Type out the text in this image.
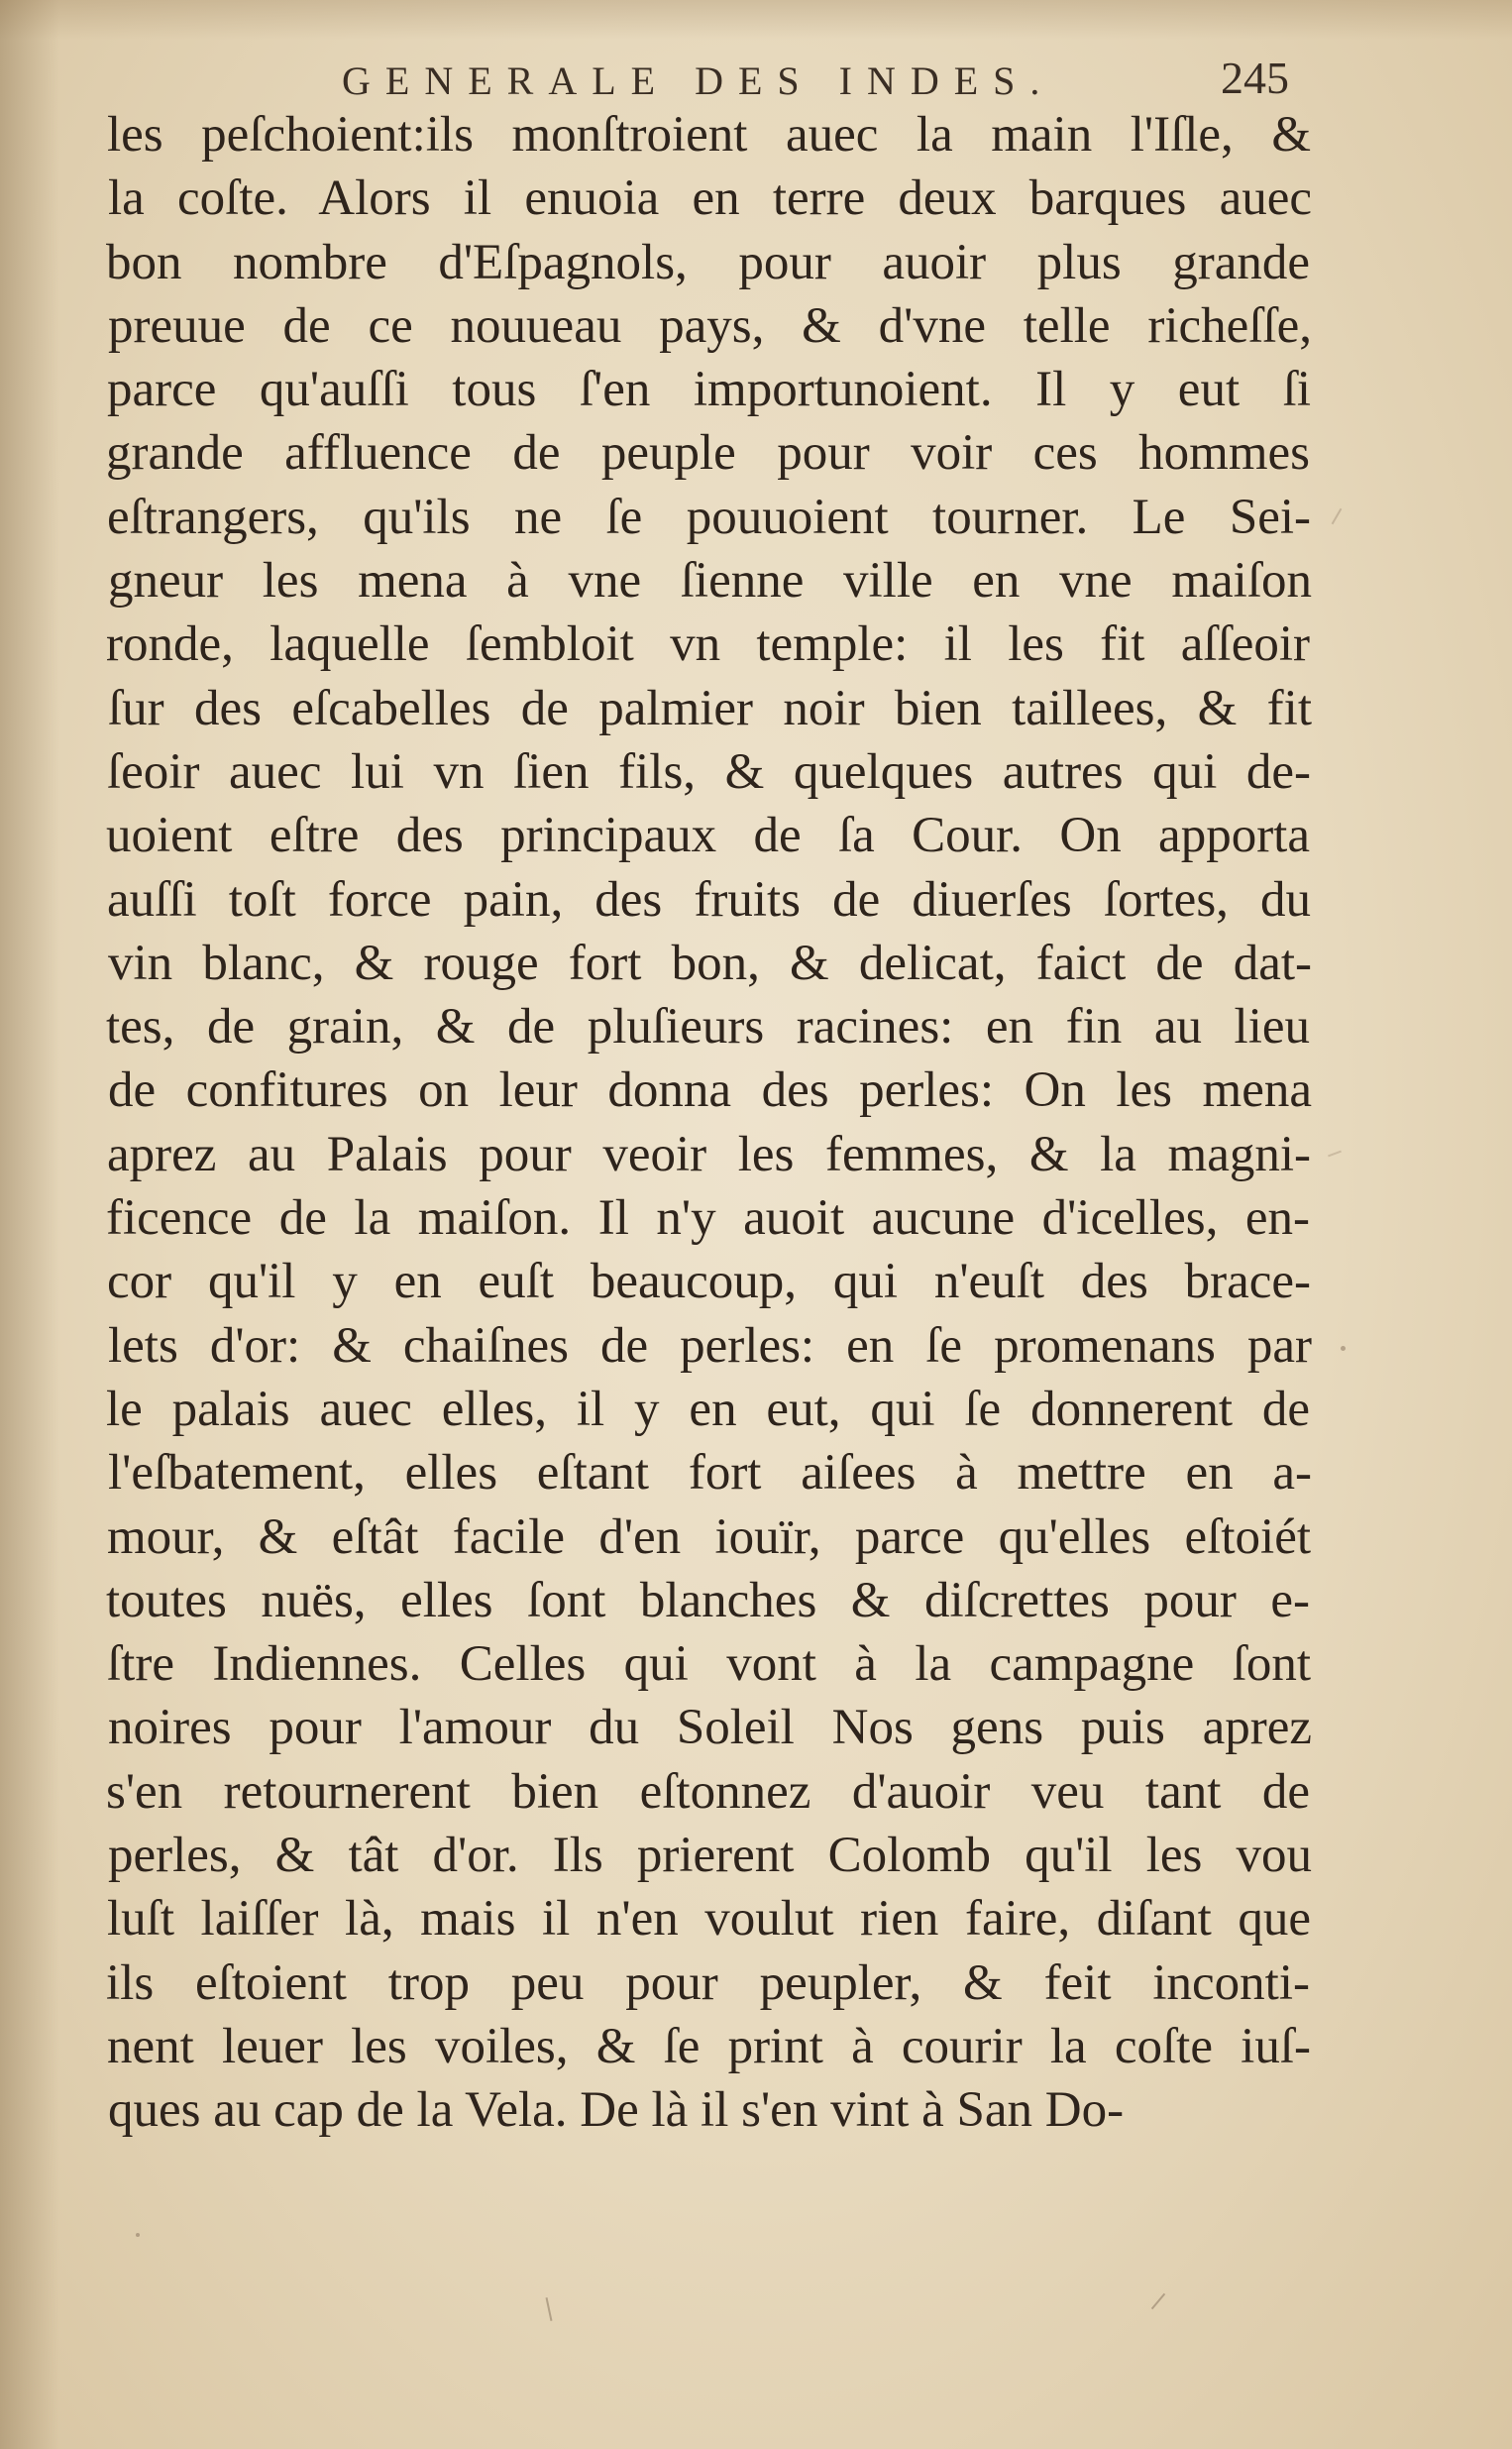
GENERALE DES INDES.	245
les peſchoient:ils monſtroient auec la main l'Iſle, &
la coſte. Alors il enuoia en terre deux barques auec
bon nombre d'Eſpagnols, pour auoir plus grande
preuue de ce nouueau pays, & d'vne telle richeſſe,
parce qu'auſſi tous ſ'en importunoient. Il y eut ſi
grande affluence de peuple pour voir ces hommes
eſtrangers, qu'ils ne ſe pouuoient tourner. Le Sei-
gneur les mena à vne ſienne ville en vne maiſon
ronde, laquelle ſembloit vn temple: il les fit aſſeoir
ſur des eſcabelles de palmier noir bien taillees, & fit
ſeoir auec lui vn ſien fils, & quelques autres qui de-
uoient eſtre des principaux de ſa Cour. On apporta
auſſi toſt force pain, des fruits de diuerſes ſortes, du
vin blanc, & rouge fort bon, & delicat, faict de dat-
tes, de grain, & de pluſieurs racines: en fin au lieu
de confitures on leur donna des perles: On les mena
aprez au Palais pour veoir les femmes, & la magni-
ficence de la maiſon. Il n'y auoit aucune d'icelles, en-
cor qu'il y en euſt beaucoup, qui n'euſt des brace-
lets d'or: & chaiſnes de perles: en ſe promenans par
le palais auec elles, il y en eut, qui ſe donnerent de
l'eſbatement, elles eſtant fort aiſees à mettre en a-
mour, & eſtât facile d'en iouïr, parce qu'elles eſtoiét
toutes nuës, elles ſont blanches & diſcrettes pour e-
ſtre Indiennes. Celles qui vont à la campagne ſont
noires pour l'amour du Soleil Nos gens puis aprez
s'en retournerent bien eſtonnez d'auoir veu tant de
perles, & tât d'or. Ils prierent Colomb qu'il les vou
luſt laiſſer là, mais il n'en voulut rien faire, diſant que
ils eſtoient trop peu pour peupler, & feit inconti-
nent leuer les voiles, & ſe print à courir la coſte iuſ-
ques au cap de la Vela. De là il s'en vint à San Do-
